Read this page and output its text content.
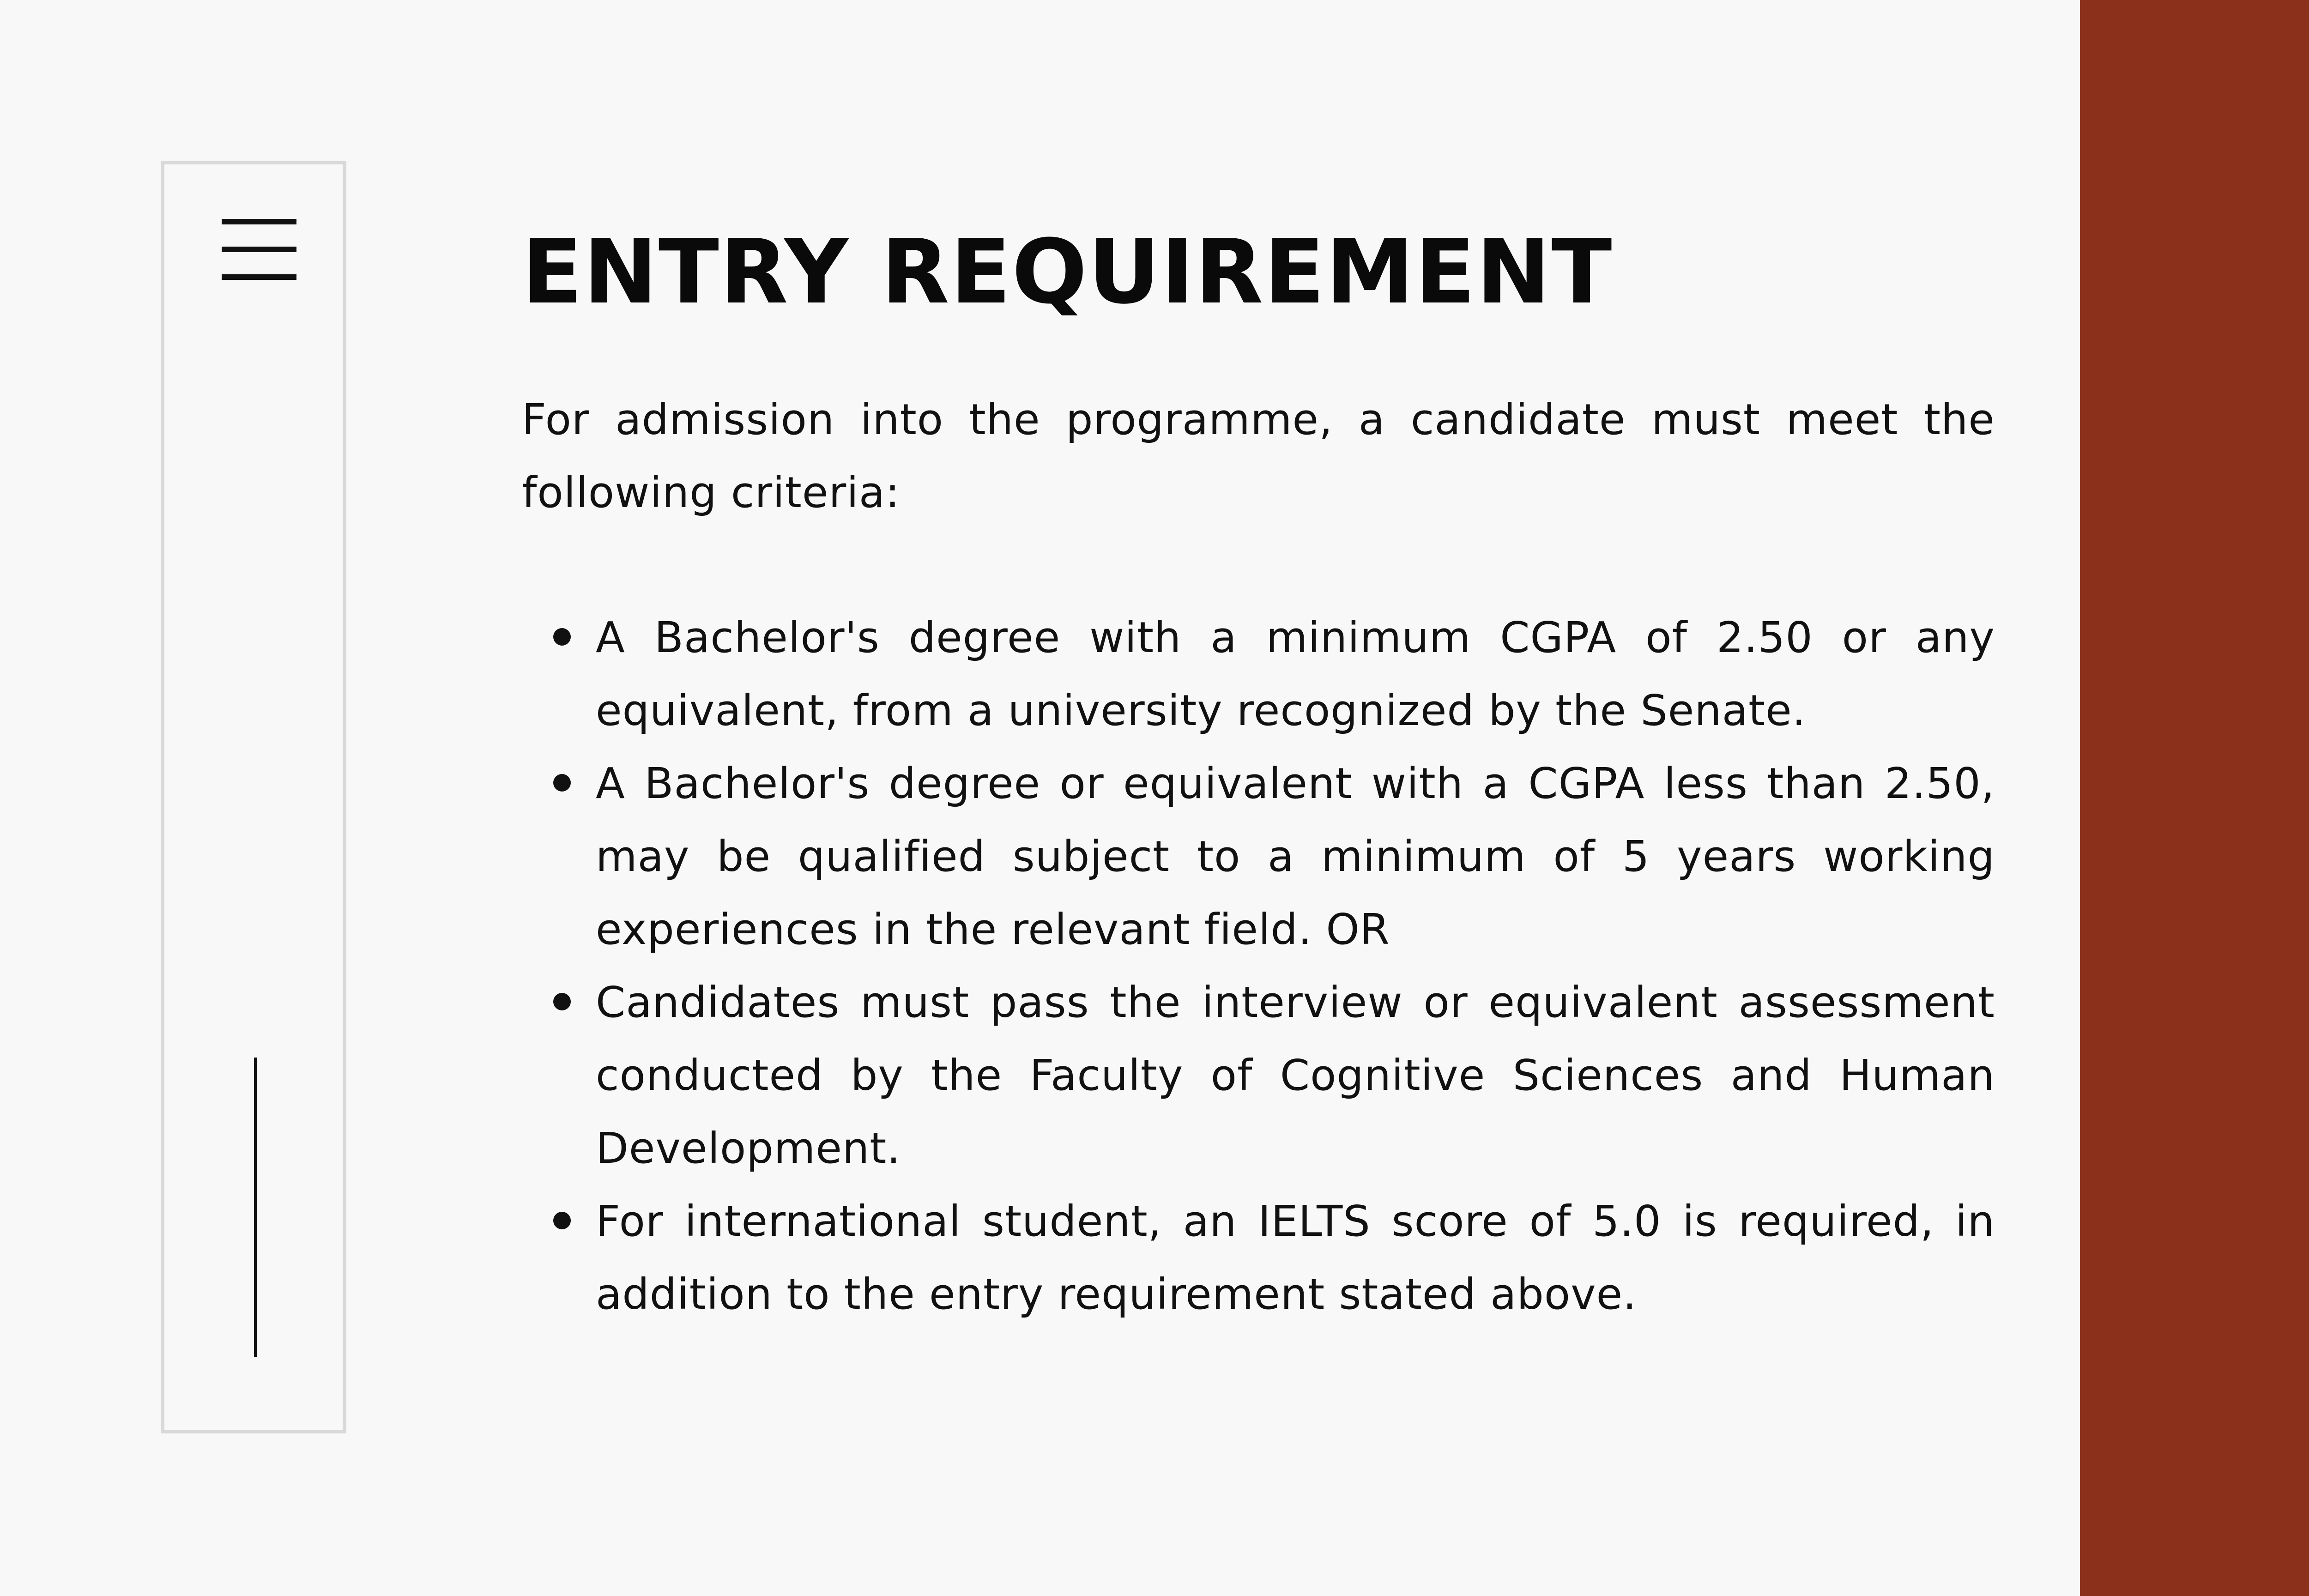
ENTRY REQUIREMENT

For admission into the programme, a candidate must meet the following criteria:

A Bachelor's degree with a minimum CGPA of 2.50 or any equivalent, from a university recognized by the Senate.
A Bachelor's degree or equivalent with a CGPA less than 2.50, may be qualified subject to a minimum of 5 years working experiences in the relevant field. OR
Candidates must pass the interview or equivalent assessment conducted by the Faculty of Cognitive Sciences and Human Development.
For international student, an IELTS score of 5.0 is required, in addition to the entry requirement stated above.
